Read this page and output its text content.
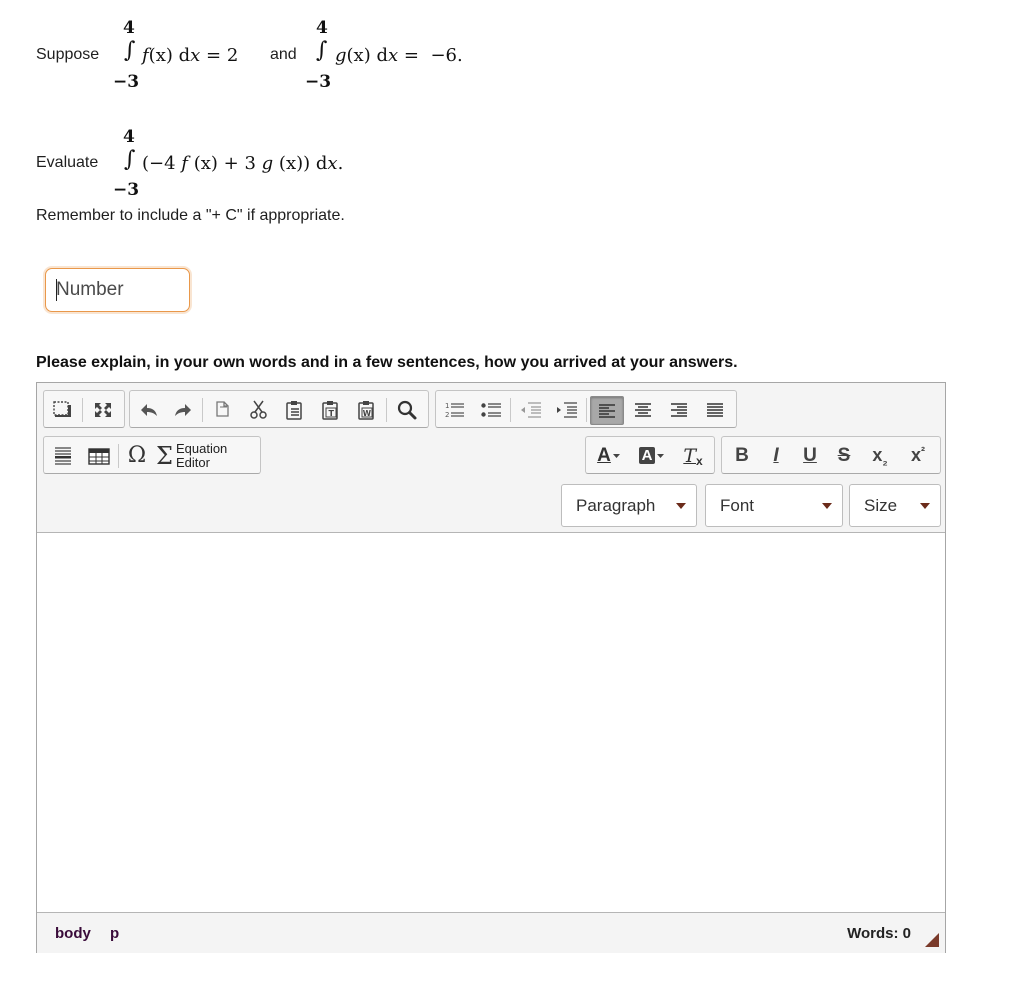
Suppose
4
∫
−3
f(x) dx = 2 and
4
∫
−3
g(x) dx = −6.
Evaluate
4
∫
−3
(−4 f (x) + 3 g (x)) dx.
Remember to include a "+ C" if appropriate.
Number
Please explain, in your own words and in a few sentences, how you arrived at your answers.
T	W
1
2
Ω Σ Equation
Editor	A A T x	B	I	U	S	x ₂ x ²
Paragraph	Font	Size
body p	Words: 0
